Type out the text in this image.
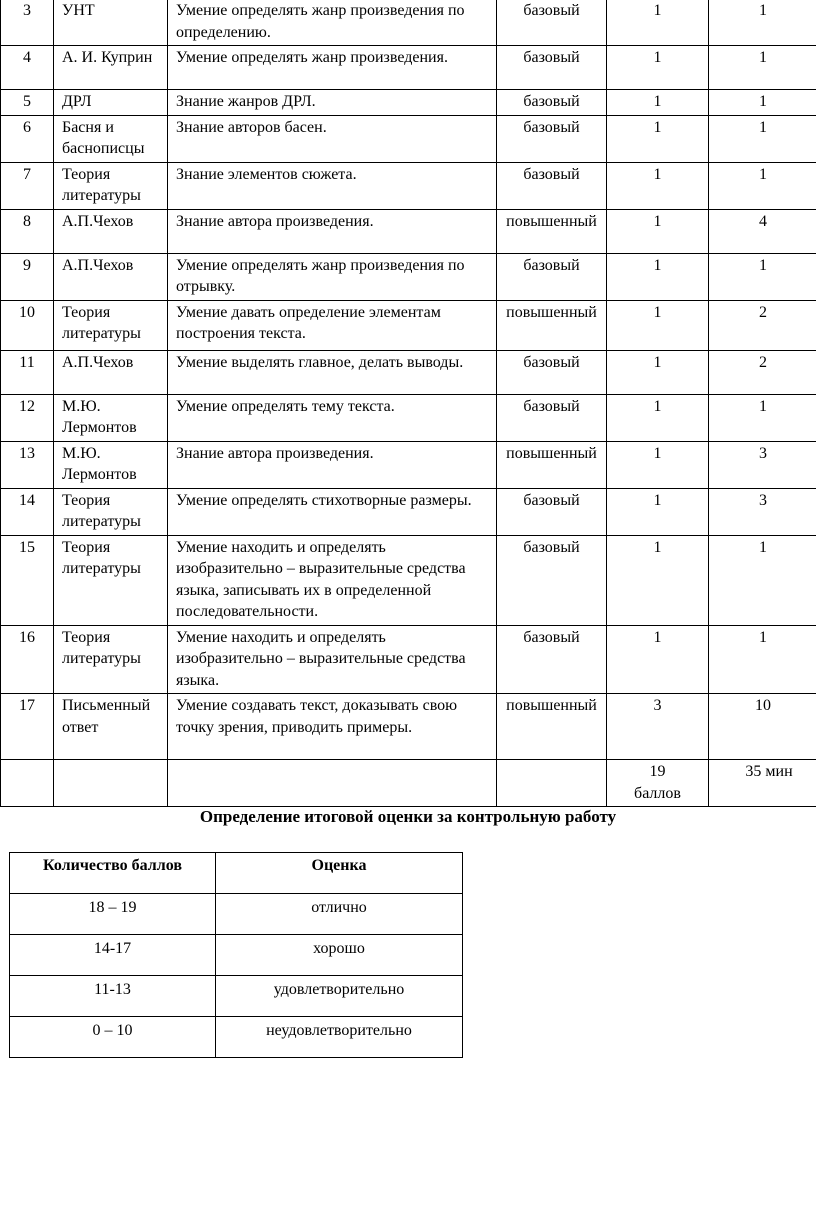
3	УНТ	Умение определять жанр произведения по определению.	базовый	1	1
4	А. И. Куприн	Умение определять жанр произведения.	базовый	1	1
5	ДРЛ	Знание жанров ДРЛ.	базовый	1	1
6	Басня и баснописцы	Знание авторов басен.	базовый	1	1
7	Теория литературы	Знание элементов сюжета.	базовый	1	1
8	А.П.Чехов	Знание автора произведения.	повышенный	1	4
9	А.П.Чехов	Умение определять жанр произведения по отрывку.	базовый	1	1
10	Теория литературы	Умение давать определение элементам построения текста.	повышенный	1	2
11	А.П.Чехов	Умение выделять главное, делать выводы.	базовый	1	2
12	М.Ю. Лермонтов	Умение определять тему текста.	базовый	1	1
13	М.Ю. Лермонтов	Знание автора произведения.	повышенный	1	3
14	Теория литературы	Умение определять стихотворные размеры.	базовый	1	3
15	Теория литературы	Умение находить и определять изобразительно – выразительные средства языка, записывать их в определенной последовательности.	базовый	1	1
16	Теория литературы	Умение находить и определять изобразительно – выразительные средства языка.	базовый	1	1
17	Письменный ответ	Умение создавать текст, доказывать свою точку зрения, приводить примеры.	повышенный	3	10
				19 баллов	35 мин
Определение итоговой оценки за контрольную работу
Количество баллов	Оценка

18 – 19	отлично

14-17	хорошо

11-13	удовлетворительно

0 – 10	неудовлетворительно
